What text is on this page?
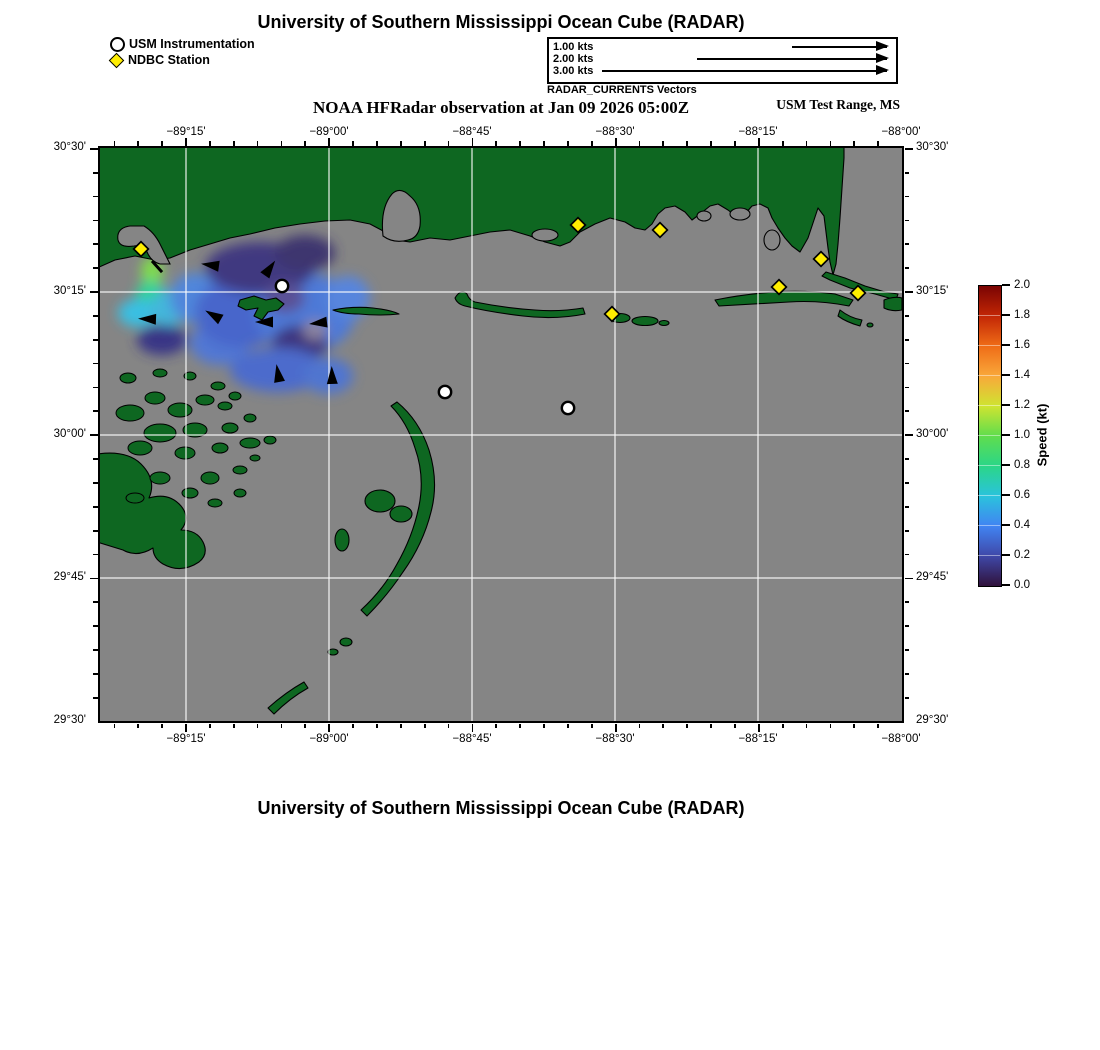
University of Southern Mississippi Ocean Cube (RADAR)
USM Instrumentation
NDBC Station
1.00 kts
2.00 kts
3.00 kts
RADAR_CURRENTS Vectors
USM Test Range, MS
NOAA HFRadar observation at Jan 09 2026 05:00Z
−89°15'
−89°15'
−89°00'
−89°00'
−88°45'
−88°45'
−88°30'
−88°30'
−88°15'
−88°15'
−88°00'
−88°00'
30°30'	30°30'
30°15'	30°15'
30°00'	30°00'
29°45'	29°45'
29°30'	29°30'
2.0
1.8
1.6
1.4
1.2
1.0
0.8
0.6
0.4
0.2
0.0
Speed (kt)
University of Southern Mississippi Ocean Cube (RADAR)
